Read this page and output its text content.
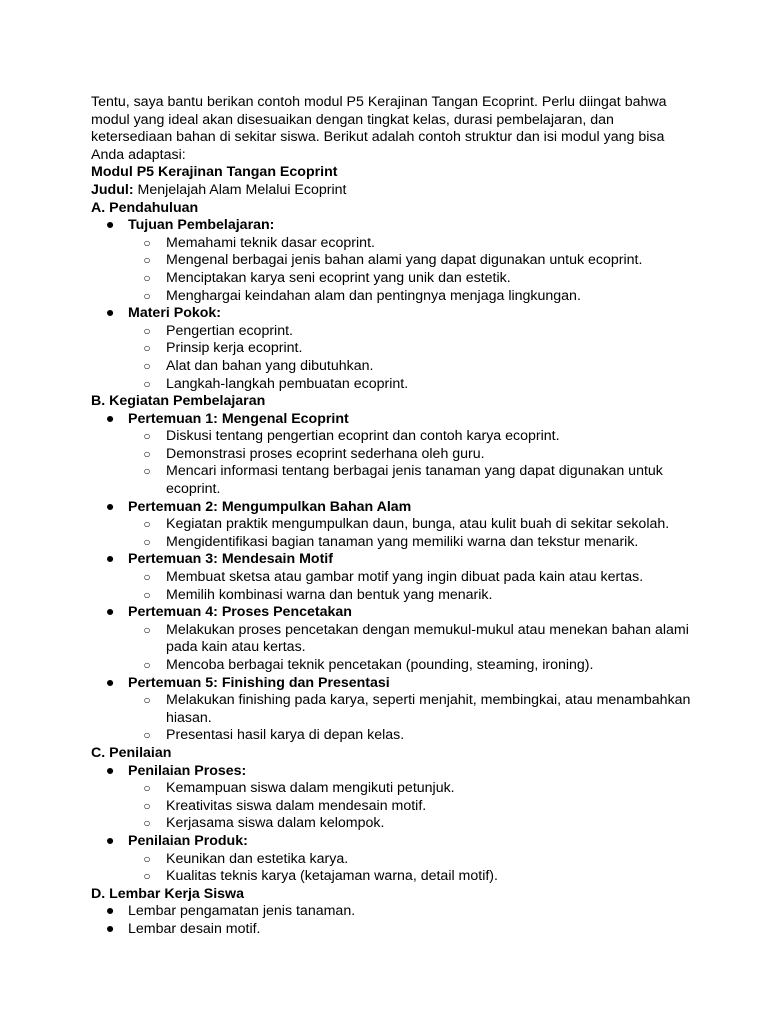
Tentu, saya bantu berikan contoh modul P5 Kerajinan Tangan Ecoprint. Perlu diingat bahwa modul yang ideal akan disesuaikan dengan tingkat kelas, durasi pembelajaran, dan ketersediaan bahan di sekitar siswa. Berikut adalah contoh struktur dan isi modul yang bisa Anda adaptasi:

Modul P5 Kerajinan Tangan Ecoprint

Judul: Menjelajah Alam Melalui Ecoprint

A. Pendahuluan

● Tujuan Pembelajaran:
○ Memahami teknik dasar ecoprint.
○ Mengenal berbagai jenis bahan alami yang dapat digunakan untuk ecoprint.
○ Menciptakan karya seni ecoprint yang unik dan estetik.
○ Menghargai keindahan alam dan pentingnya menjaga lingkungan.
● Materi Pokok:
○ Pengertian ecoprint.
○ Prinsip kerja ecoprint.
○ Alat dan bahan yang dibutuhkan.
○ Langkah-langkah pembuatan ecoprint.

B. Kegiatan Pembelajaran

● Pertemuan 1: Mengenal Ecoprint
○ Diskusi tentang pengertian ecoprint dan contoh karya ecoprint.
○ Demonstrasi proses ecoprint sederhana oleh guru.
○ Mencari informasi tentang berbagai jenis tanaman yang dapat digunakan untuk ecoprint.
● Pertemuan 2: Mengumpulkan Bahan Alam
○ Kegiatan praktik mengumpulkan daun, bunga, atau kulit buah di sekitar sekolah.
○ Mengidentifikasi bagian tanaman yang memiliki warna dan tekstur menarik.
● Pertemuan 3: Mendesain Motif
○ Membuat sketsa atau gambar motif yang ingin dibuat pada kain atau kertas.
○ Memilih kombinasi warna dan bentuk yang menarik.
● Pertemuan 4: Proses Pencetakan
○ Melakukan proses pencetakan dengan memukul-mukul atau menekan bahan alami pada kain atau kertas.
○ Mencoba berbagai teknik pencetakan (pounding, steaming, ironing).
● Pertemuan 5: Finishing dan Presentasi
○ Melakukan finishing pada karya, seperti menjahit, membingkai, atau menambahkan hiasan.
○ Presentasi hasil karya di depan kelas.

C. Penilaian

● Penilaian Proses:
○ Kemampuan siswa dalam mengikuti petunjuk.
○ Kreativitas siswa dalam mendesain motif.
○ Kerjasama siswa dalam kelompok.
● Penilaian Produk:
○ Keunikan dan estetika karya.
○ Kualitas teknis karya (ketajaman warna, detail motif).

D. Lembar Kerja Siswa

● Lembar pengamatan jenis tanaman.
● Lembar desain motif.
